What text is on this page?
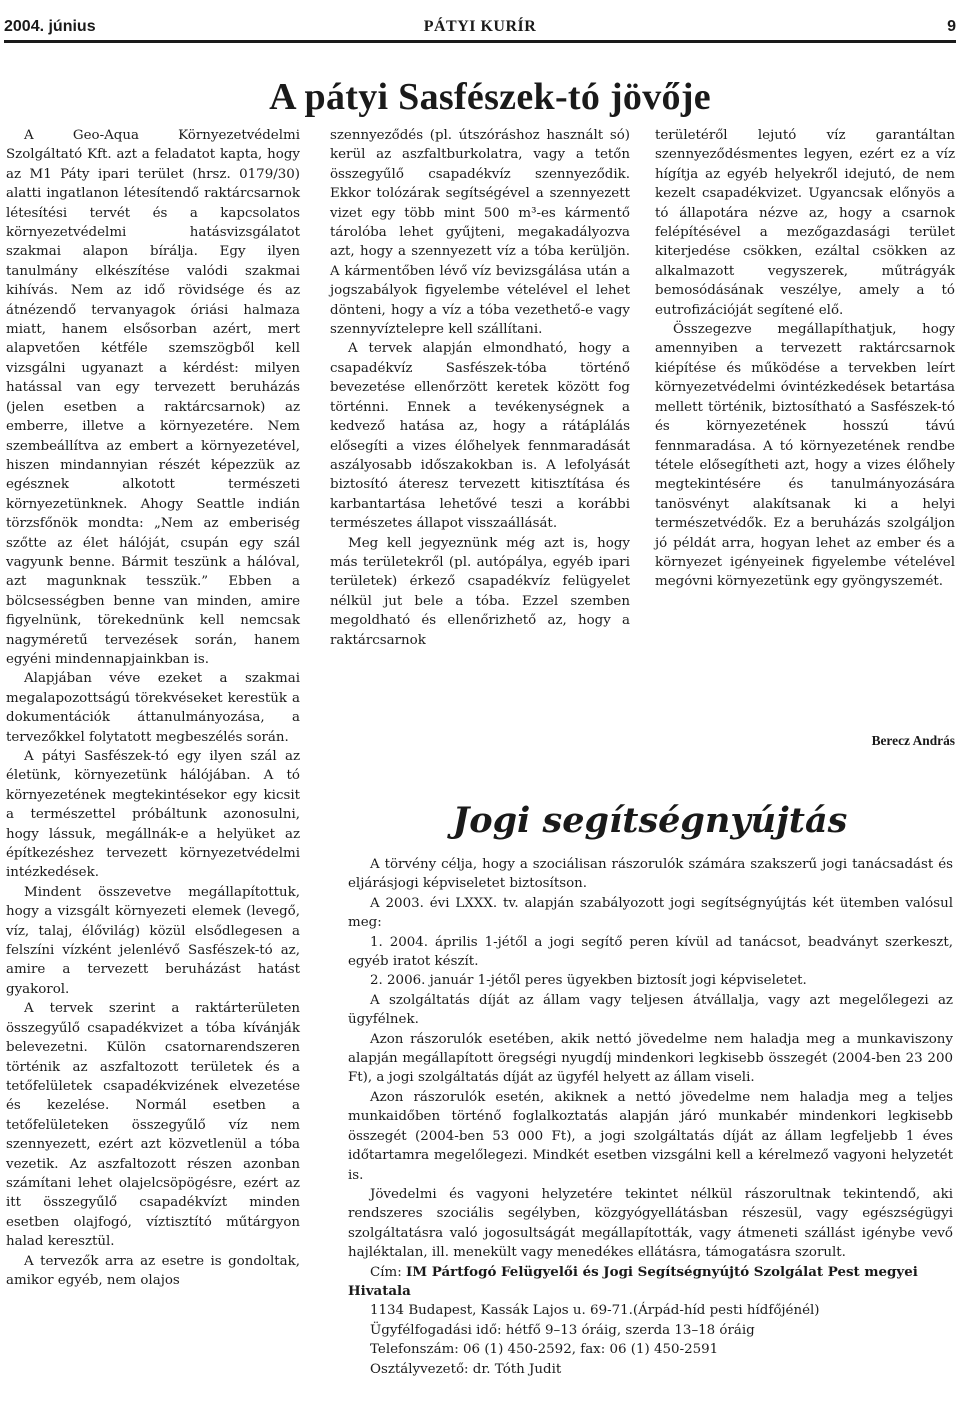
2004. június	PÁTYI KURÍR	9
A pátyi Sasfészek-tó jövője

A Geo-Aqua Környezetvédelmi Szolgáltató Kft. azt a feladatot kapta, hogy az M1 Páty ipari terület (hrsz. 0179/30) alatti ingatlanon létesítendő raktárcsarnok létesítési tervét és a kapcsolatos környezetvédelmi hatásvizsgálatot szakmai alapon bírálja. Egy ilyen tanulmány elkészítése valódi szakmai kihívás. Nem az idő rövidsége és az átnézendő tervanyagok óriási halmaza miatt, hanem elsősorban azért, mert alapvetően kétféle szemszögből kell vizsgálni ugyanazt a kérdést: milyen hatással van egy tervezett beruházás (jelen esetben a raktárcsarnok) az emberre, illetve a környezetére. Nem szembeállítva az embert a környezetével, hiszen mindannyian részét képezzük az egésznek alkotott természeti környezetünknek. Ahogy Seattle indián törzsfőnök mondta: „Nem az emberiség szőtte az élet hálóját, csupán egy szál vagyunk benne. Bármit teszünk a hálóval, azt magunknak tesszük.” Ebben a bölcsességben benne van minden, amire figyelnünk, törekednünk kell nemcsak nagyméretű tervezések során, hanem egyéni mindennapjainkban is.

Alapjában véve ezeket a szakmai megalapozottságú törekvéseket kerestük a dokumentációk áttanulmányozása, a tervezőkkel folytatott megbeszélés során.

A pátyi Sasfészek-tó egy ilyen szál az életünk, környezetünk hálójában. A tó környezetének megtekintésekor egy kicsit a természettel próbáltunk azonosulni, hogy lássuk, megállnák-e a helyüket az építkezéshez tervezett környezetvédelmi intézkedések.

Mindent összevetve megállapítottuk, hogy a vizsgált környezeti elemek (levegő, víz, talaj, élővilág) közül elsődlegesen a felszíni vízként jelenlévő Sasfészek-tó az, amire a tervezett beruházást hatást gyakorol.

A tervek szerint a raktárterületen összegyűlő csapadékvizet a tóba kívánják belevezetni. Külön csatornarendszeren történik az aszfaltozott területek és a tetőfelületek csapadékvizének elvezetése és kezelése. Normál esetben a tetőfelületeken összegyűlő víz nem szennyezett, ezért azt közvetlenül a tóba vezetik. Az aszfaltozott részen azonban számítani lehet olajelcsöpögésre, ezért az itt összegyűlő csapadékvízt minden esetben olajfogó, víztisztító műtárgyon halad keresztül.

A tervezők arra az esetre is gondoltak, amikor egyéb, nem olajos

szennyeződés (pl. útszóráshoz használt só) kerül az aszfaltburkolatra, vagy a tetőn összegyűlő csapadékvíz szennyeződik. Ekkor tolózárak segítségével a szennyezett vizet egy több mint 500 m³-es kármentő tárolóba lehet gyűjteni, megakadályozva azt, hogy a szennyezett víz a tóba kerüljön. A kármentőben lévő víz bevizsgálása után a jogszabályok figyelembe vételével el lehet dönteni, hogy a víz a tóba vezethető-e vagy szennyvíztelepre kell szállítani.

A tervek alapján elmondható, hogy a csapadékvíz Sasfészek-tóba történő bevezetése ellenőrzött keretek között fog történni. Ennek a tevékenységnek a kedvező hatása az, hogy a rátáplálás elősegíti a vizes élőhelyek fennmaradását aszályosabb időszakokban is. A lefolyását biztosító áteresz tervezett kitisztítása és karbantartása lehetővé teszi a korábbi természetes állapot visszaállását.

Meg kell jegyeznünk még azt is, hogy más területekről (pl. autópálya, egyéb ipari területek) érkező csapadékvíz felügyelet nélkül jut bele a tóba. Ezzel szemben megoldható és ellenőrizhető az, hogy a raktárcsarnok

területéről lejutó víz garantáltan szennyeződésmentes legyen, ezért ez a víz hígítja az egyéb helyekről idejutó, de nem kezelt csapadékvizet. Ugyancsak előnyös a tó állapotára nézve az, hogy a csarnok felépítésével a mezőgazdasági terület kiterjedése csökken, ezáltal csökken az alkalmazott vegyszerek, műtrágyák bemosódásának veszélye, amely a tó eutrofizációját segítené elő.

Összegezve megállapíthatjuk, hogy amennyiben a tervezett raktárcsarnok kiépítése és működése a tervekben leírt környezetvédelmi óvintézkedések betartása mellett történik, biztosítható a Sasfészek-tó és környezetének hosszú távú fennmaradása. A tó környezetének rendbe tétele elősegítheti azt, hogy a vizes élőhely megtekintésére és tanulmányozására tanösvényt alakítsanak ki a helyi természetvédők. Ez a beruházás szolgáljon jó példát arra, hogyan lehet az ember és a környezet igényeinek figyelembe vételével megóvni környezetünk egy gyöngyszemét.

Berecz András
Jogi segítségnyújtás

A törvény célja, hogy a szociálisan rászorulók számára szakszerű jogi tanácsadást és eljárásjogi képviseletet biztosítson.

A 2003. évi LXXX. tv. alapján szabályozott jogi segítségnyújtás két ütemben valósul meg:

1. 2004. április 1-jétől a jogi segítő peren kívül ad tanácsot, beadványt szerkeszt, egyéb iratot készít.

2. 2006. január 1-jétől peres ügyekben biztosít jogi képviseletet.

A szolgáltatás díját az állam vagy teljesen átvállalja, vagy azt megelőlegezi az ügyfélnek.

Azon rászorulók esetében, akik nettó jövedelme nem haladja meg a munkaviszony alapján megállapított öregségi nyugdíj mindenkori legkisebb összegét (2004-ben 23 200 Ft), a jogi szolgáltatás díját az ügyfél helyett az állam viseli.

Azon rászorulók esetén, akiknek a nettó jövedelme nem haladja meg a teljes munkaidőben történő foglalkoztatás alapján járó munkabér mindenkori legkisebb összegét (2004-ben 53 000 Ft), a jogi szolgáltatás díját az állam legfeljebb 1 éves időtartamra megelőlegezi. Mindkét esetben vizsgálni kell a kérelmező vagyoni helyzetét is.

Jövedelmi és vagyoni helyzetére tekintet nélkül rászorultnak tekintendő, aki rendszeres szociális segélyben, közgyógyellátásban részesül, vagy egészségügyi szolgáltatásra való jogosultságát megállapították, vagy átmeneti szállást igénybe vevő hajléktalan, ill. menekült vagy menedékes ellátásra, támogatásra szorult.

Cím: IM Pártfogó Felügyelői és Jogi Segítségnyújtó Szolgálat Pest megyei Hivatala

1134 Budapest, Kassák Lajos u. 69-71.(Árpád-híd pesti hídfőjénél)

Ügyfélfogadási idő: hétfő 9–13 óráig, szerda 13–18 óráig

Telefonszám: 06 (1) 450-2592, fax: 06 (1) 450-2591

Osztályvezető: dr. Tóth Judit
